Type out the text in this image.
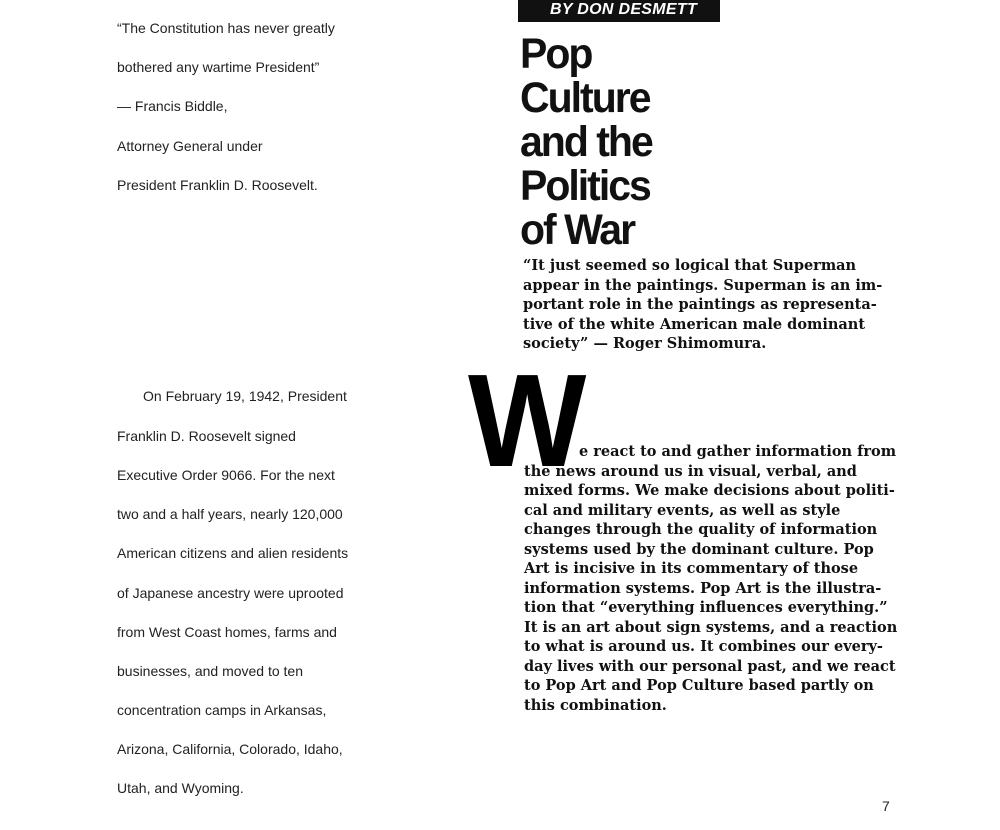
“The Constitution has never greatly
bothered any wartime President”
— Francis Biddle,
Attorney General under
President Franklin D. Roosevelt.
On February 19, 1942, President
Franklin D. Roosevelt signed
Executive Order 9066. For the next
two and a half years, nearly 120,000
American citizens and alien residents
of Japanese ancestry were uprooted
from West Coast homes, farms and
businesses, and moved to ten
concentration camps in Arkansas,
Arizona, California, Colorado, Idaho,
Utah, and Wyoming.
BY DON DESMETT
Pop
Culture
and the
Politics
of War
“It just seemed so logical that Superman
appear in the paintings. Superman is an im-
portant role in the paintings as representa-
tive of the white American male dominant
society” — Roger Shimomura.
W
e react to and gather information from
the news around us in visual, verbal, and
mixed forms. We make decisions about politi-
cal and military events, as well as style
changes through the quality of information
systems used by the dominant culture. Pop
Art is incisive in its commentary of those
information systems. Pop Art is the illustra-
tion that “everything influences everything.”
It is an art about sign systems, and a reaction
to what is around us. It combines our every-
day lives with our personal past, and we react
to Pop Art and Pop Culture based partly on
this combination.
7
